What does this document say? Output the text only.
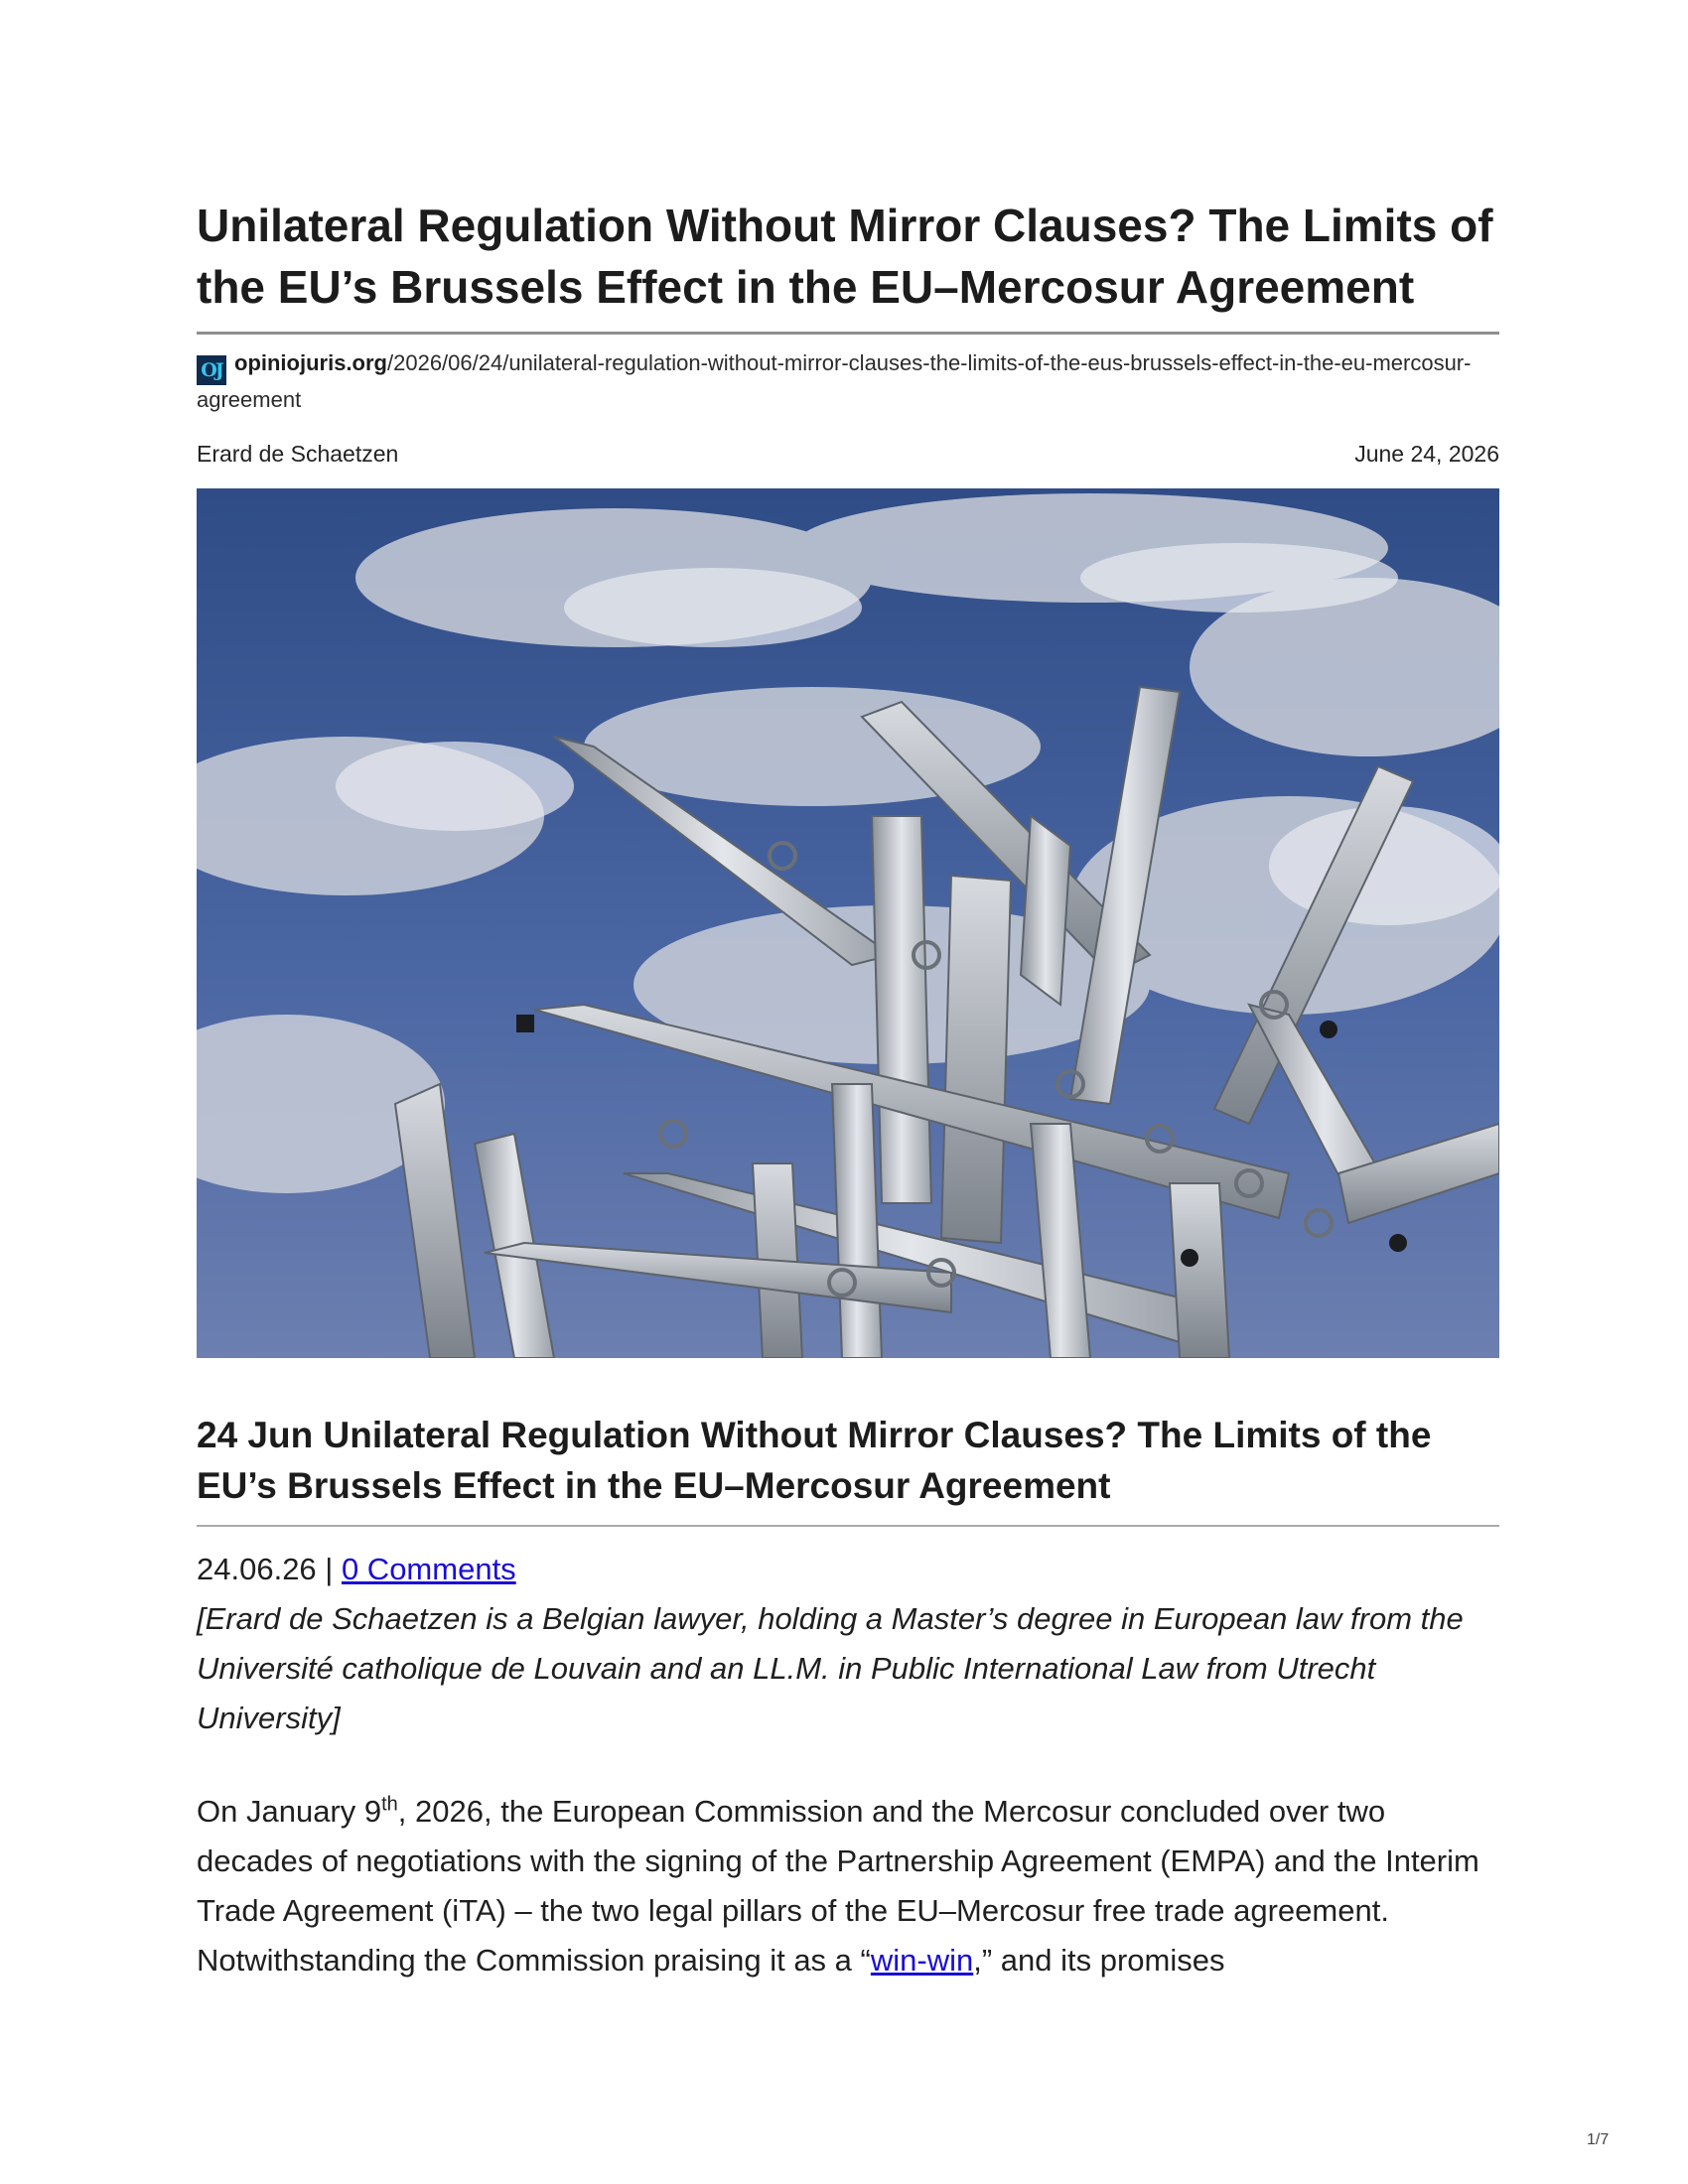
Unilateral Regulation Without Mirror Clauses? The Limits of the EU’s Brussels Effect in the EU–Mercosur Agreement
OJ opiniojuris.org/2026/06/24/unilateral-regulation-without-mirror-clauses-the-limits-of-the-eus-brussels-effect-in-the-eu-mercosur-agreement
Erard de Schaetzen	June 24, 2026
24 Jun Unilateral Regulation Without Mirror Clauses? The Limits of the EU’s Brussels Effect in the EU–Mercosur Agreement
24.06.26 | 0 Comments
[Erard de Schaetzen is a Belgian lawyer, holding a Master’s degree in European law from the Université catholique de Louvain and an LL.M. in Public International Law from Utrecht University]
On January 9th, 2026, the European Commission and the Mercosur concluded over two decades of negotiations with the signing of the Partnership Agreement (EMPA) and the Interim Trade Agreement (iTA) – the two legal pillars of the EU–Mercosur free trade agreement. Notwithstanding the Commission praising it as a “win-win,” and its promises
1/7
